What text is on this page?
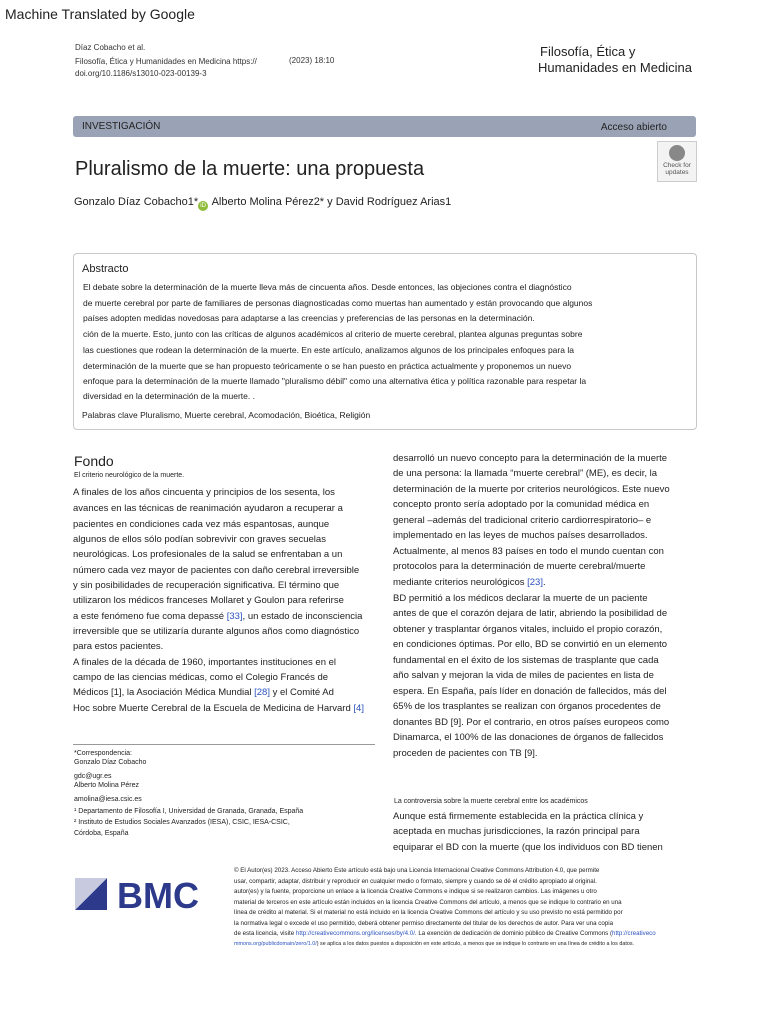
Machine Translated by Google
Díaz Cobacho et al.
Filosofía, Ética y Humanidades en Medicina https://
doi.org/10.1186/s13010-023-00139-3
(2023) 18:10
Filosofía, Ética y
Humanidades en Medicina
INVESTIGACIÓN	Acceso abierto
Pluralismo de la muerte: una propuesta	Check for
updates
Gonzalo Díaz Cobacho1* iD Alberto Molina Pérez2* y David Rodríguez Arias1
Abstracto
El debate sobre la determinación de la muerte lleva más de cincuenta años. Desde entonces, las objeciones contra el diagnóstico
de muerte cerebral por parte de familiares de personas diagnosticadas como muertas han aumentado y están provocando que algunos
países adopten medidas novedosas para adaptarse a las creencias y preferencias de las personas en la determinación.
ción de la muerte. Esto, junto con las críticas de algunos académicos al criterio de muerte cerebral, plantea algunas preguntas sobre
las cuestiones que rodean la determinación de la muerte. En este artículo, analizamos algunos de los principales enfoques para la
determinación de la muerte que se han propuesto teóricamente o se han puesto en práctica actualmente y proponemos un nuevo
enfoque para la determinación de la muerte llamado "pluralismo débil" como una alternativa ética y política razonable para respetar la
diversidad en la determinación de la muerte. .
Palabras clave Pluralismo, Muerte cerebral, Acomodación, Bioética, Religión
Fondo
El criterio neurológico de la muerte.
A finales de los años cincuenta y principios de los sesenta, los
avances en las técnicas de reanimación ayudaron a recuperar a
pacientes en condiciones cada vez más espantosas, aunque
algunos de ellos sólo podían sobrevivir con graves secuelas
neurológicas. Los profesionales de la salud se enfrentaban a un
número cada vez mayor de pacientes con daño cerebral irreversible
y sin posibilidades de recuperación significativa. El término que
utilizaron los médicos franceses Mollaret y Goulon para referirse
a este fenómeno fue coma depassé [33], un estado de inconsciencia
irreversible que se utilizaría durante algunos años como diagnóstico
para estos pacientes.
A finales de la década de 1960, importantes instituciones en el
campo de las ciencias médicas, como el Colegio Francés de
Médicos [1], la Asociación Médica Mundial [28] y el Comité Ad
Hoc sobre Muerte Cerebral de la Escuela de Medicina de Harvard [4]
*Correspondencia:
Gonzalo Díaz Cobacho
gdc@ugr.es
Alberto Molina Pérez
amolina@iesa.csic.es
¹ Departamento de Filosofía I, Universidad de Granada, Granada, España
² Instituto de Estudios Sociales Avanzados (IESA), CSIC, IESA-CSIC,
Córdoba, España
desarrolló un nuevo concepto para la determinación de la muerte
de una persona: la llamada “muerte cerebral” (ME), es decir, la
determinación de la muerte por criterios neurológicos. Este nuevo
concepto pronto sería adoptado por la comunidad médica en
general –además del tradicional criterio cardiorrespiratorio– e
implementado en las leyes de muchos países desarrollados.
Actualmente, al menos 83 países en todo el mundo cuentan con
protocolos para la determinación de muerte cerebral/muerte
mediante criterios neurológicos [23].
BD permitió a los médicos declarar la muerte de un paciente
antes de que el corazón dejara de latir, abriendo la posibilidad de
obtener y trasplantar órganos vitales, incluido el propio corazón,
en condiciones óptimas. Por ello, BD se convirtió en un elemento
fundamental en el éxito de los sistemas de trasplante que cada
año salvan y mejoran la vida de miles de pacientes en lista de
espera. En España, país líder en donación de fallecidos, más del
65% de los trasplantes se realizan con órganos procedentes de
donantes BD [9]. Por el contrario, en otros países europeos como
Dinamarca, el 100% de las donaciones de órganos de fallecidos
proceden de pacientes con TB [9].
La controversia sobre la muerte cerebral entre los académicos
Aunque está firmemente establecida en la práctica clínica y
aceptada en muchas jurisdicciones, la razón principal para
equiparar el BD con la muerte (que los individuos con BD tienen
BMC
© El Autor(es) 2023. Acceso Abierto Este artículo está bajo una Licencia Internacional Creative Commons Attribution 4.0, que permite
usar, compartir, adaptar, distribuir y reproducir en cualquier medio o formato, siempre y cuando se dé el crédito apropiado al original.
autor(es) y la fuente, proporcione un enlace a la licencia Creative Commons e indique si se realizaron cambios. Las imágenes u otro
material de terceros en este artículo están incluidos en la licencia Creative Commons del artículo, a menos que se indique lo contrario en una
línea de crédito al material. Si el material no está incluido en la licencia Creative Commons del artículo y su uso previsto no está permitido por
la normativa legal o excede el uso permitido, deberá obtener permiso directamente del titular de los derechos de autor. Para ver una copia
de esta licencia, visite http://creativecommons.org/licenses/by/4.0/. La exención de dedicación de dominio público de Creative Commons (http://creativeco
mmons.org/publicdomain/zero/1.0/) se aplica a los datos puestos a disposición en este artículo, a menos que se indique lo contrario en una línea de crédito a los datos.
